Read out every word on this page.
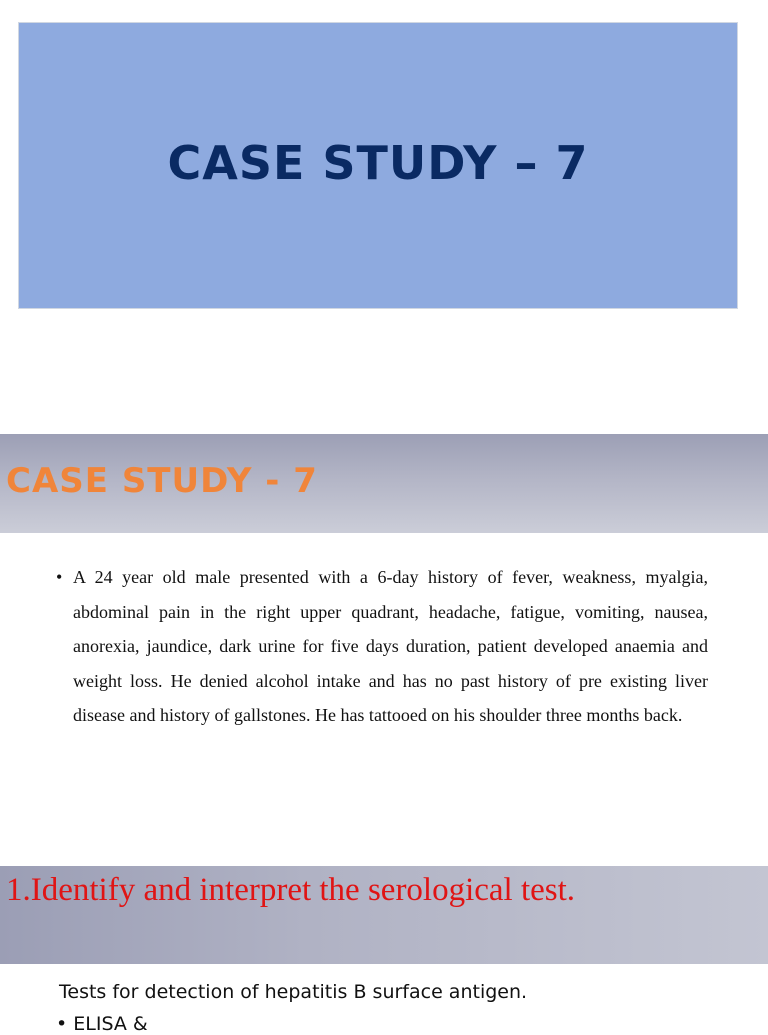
CASE STUDY – 7
CASE STUDY - 7
• A 24 year old male presented with a 6-day history of fever, weakness, myalgia, abdominal pain in the right upper quadrant, headache, fatigue, vomiting, nausea, anorexia, jaundice, dark urine for five days duration, patient developed anaemia and weight loss. He denied alcohol intake and has no past history of pre existing liver disease and history of gallstones. He has tattooed on his shoulder three months back.

1.Identify and interpret the serological test.

Tests for detection of hepatitis B surface antigen.

• ELISA &
